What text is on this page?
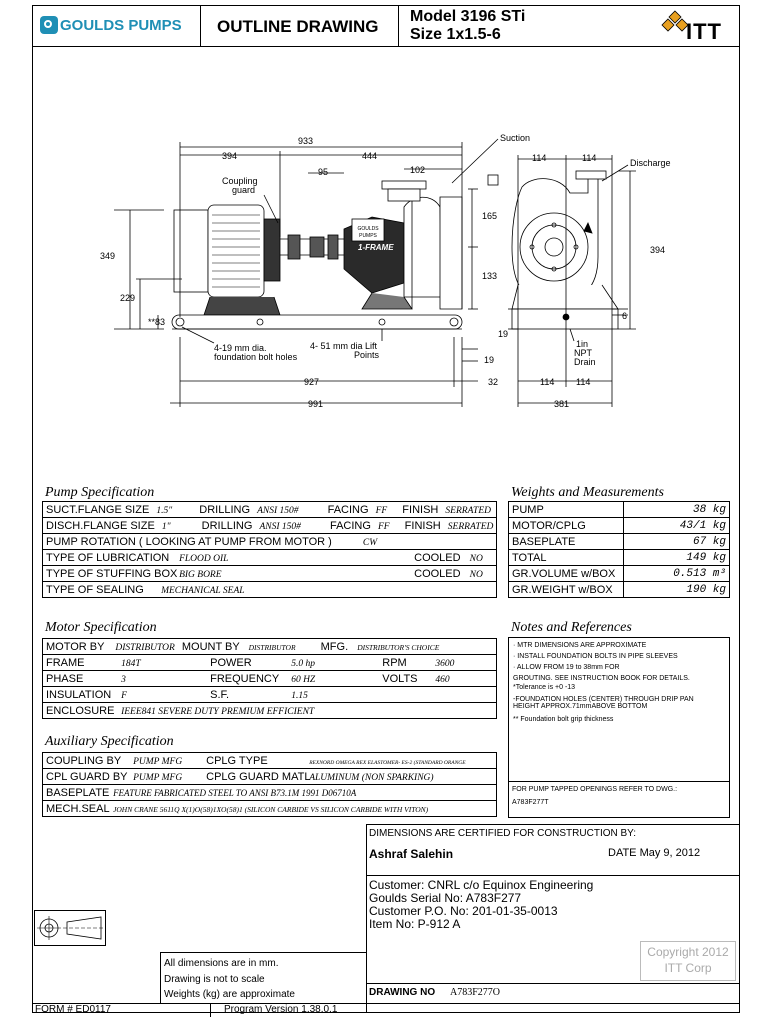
GOULDS PUMPS OUTLINE DRAWING
Model 3196 STi
Size 1x1.5-6	ITT
GOULDS
PUMPS
1-FRAME
933
394	444
95	102
165
133
349
229
**83
19
32
927
991
114	114
394
6
19
114 114
381
Coupling
guard
Suction
Discharge
4-19 mm dia.
foundation bolt holes
4- 51 mm dia Lift
Points
1in
NPT
Drain
Pump Specification
SUCT.FLANGE SIZE 1.5" DRILLING ANSI 150#	FACING FF FINISH SERRATED
DISCH.FLANGE SIZE 1"	DRILLING ANSI 150#	FACING FF FINISH SERRATED
PUMP ROTATION ( LOOKING AT PUMP FROM MOTOR )	CW
TYPE OF LUBRICATION FLOOD OIL	COOLED NO
TYPE OF STUFFING BOX BIG BORE	COOLED NO
TYPE OF SEALING MECHANICAL SEAL
Weights and Measurements
PUMP	38 kg
MOTOR/CPLG	43/1 kg
BASEPLATE	67 kg
TOTAL	149 kg
GR.VOLUME w/BOX	0.513 m³
GR.WEIGHT w/BOX	190 kg
Motor Specification
MOTOR BY DISTRIBUTOR MOUNT BY DISTRIBUTOR MFG. DISTRIBUTOR'S CHOICE
FRAME	184T	POWER	5.0 hp	RPM	3600
PHASE	3	FREQUENCY 60 HZ	VOLTS 460
INSULATION F	S.F.	1.15
ENCLOSURE IEEE841 SEVERE DUTY PREMIUM EFFICIENT
Notes and References
· MTR DIMENSIONS ARE APPROXIMATE
· INSTALL FOUNDATION BOLTS IN PIPE SLEEVES
· ALLOW FROM 19 to 38mm FOR
GROUTING. SEE INSTRUCTION BOOK FOR DETAILS.
*Tolerance is +0 -13
-FOUNDATION HOLES (CENTER) THROUGH DRIP PAN
HEIGHT APPROX.71mmABOVE BOTTOM
** Foundation bolt grip thickness
FOR PUMP TAPPED OPENINGS REFER TO DWG.:
A783F277T
Auxiliary Specification
COUPLING BY PUMP MFG CPLG TYPE	REXNORD OMEGA REX ELASTOMER- ES-2 (STANDARD ORANGE
CPL GUARD BY PUMP MFG CPLG GUARD MATL ALUMINUM (NON SPARKING)
BASEPLATE FEATURE FABRICATED STEEL TO ANSI B73.1M 1991 D06710A
MECH.SEAL JOHN CRANE 5611Q X(1)O(58)1XO(58)1 (SILICON CARBIDE VS SILICON CARBIDE WITH VITON)
DIMENSIONS ARE CERTIFIED FOR CONSTRUCTION BY:
Ashraf Salehin	DATE May 9, 2012
Customer: CNRL c/o Equinox Engineering
Goulds Serial No: A783F277
Customer P.O. No: 201-01-35-0013
Item No: P-912 A
Copyright 2012
ITT Corp
DRAWING NO A783F277O
All dimensions are in mm.
Drawing is not to scale
Weights (kg) are approximate
FORM # ED0117	Program Version 1.38.0.1
